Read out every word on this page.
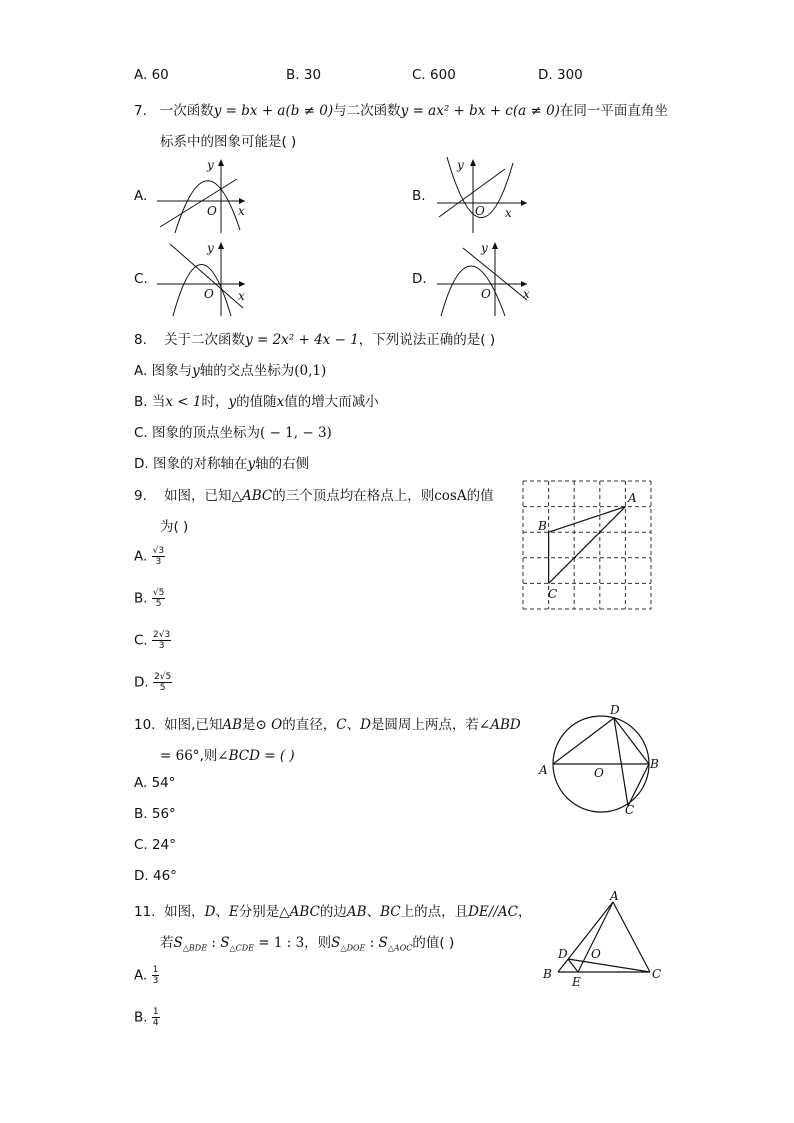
A. 60	B. 30	C. 600	D. 300
7. 一次函数y = bx + a(b ≠ 0)与二次函数y = ax² + bx + c(a ≠ 0)在同一平面直角坐
标系中的图象可能是( )
A.	B.
C.	D.
y
x
O
y
x
O
y
x
O
y
x
O
8. 关于二次函数y = 2x² + 4x − 1，下列说法正确的是( )
A. 图象与y轴的交点坐标为(0,1)
B. 当x < 1时，y的值随x值的增大而减小
C. 图象的顶点坐标为( − 1, − 3)
D. 图象的对称轴在y轴的右侧
9. 如图，已知△ABC的三个顶点均在格点上，则cosA的值
为( )
A. $\frac{√3}{3}$
B. $\frac{√5}{5}$
C. $\frac{2√3}{3}$
D. $\frac{2√5}{5}$
A
B
C
10. 如图,已知AB是⊙ O的直径，C、D是圆周上两点，若∠ABD
= 66°,则∠BCD = ( )
A. 54°
B. 56°
C. 24°
D. 46°
A	B
C
D
O
11. 如图，D、E分别是△ABC的边AB、BC上的点，且DE//AC，
若$S_{\triangle BDE}$ : $S_{\triangle CDE} = 1$ : 3，则$S_{\triangle DOE}$ : $S_{\triangle AOC}$的值( )
A. $\frac{1}{3}$
B. $\frac{1}{4}$
A
B	C
D
E
O
